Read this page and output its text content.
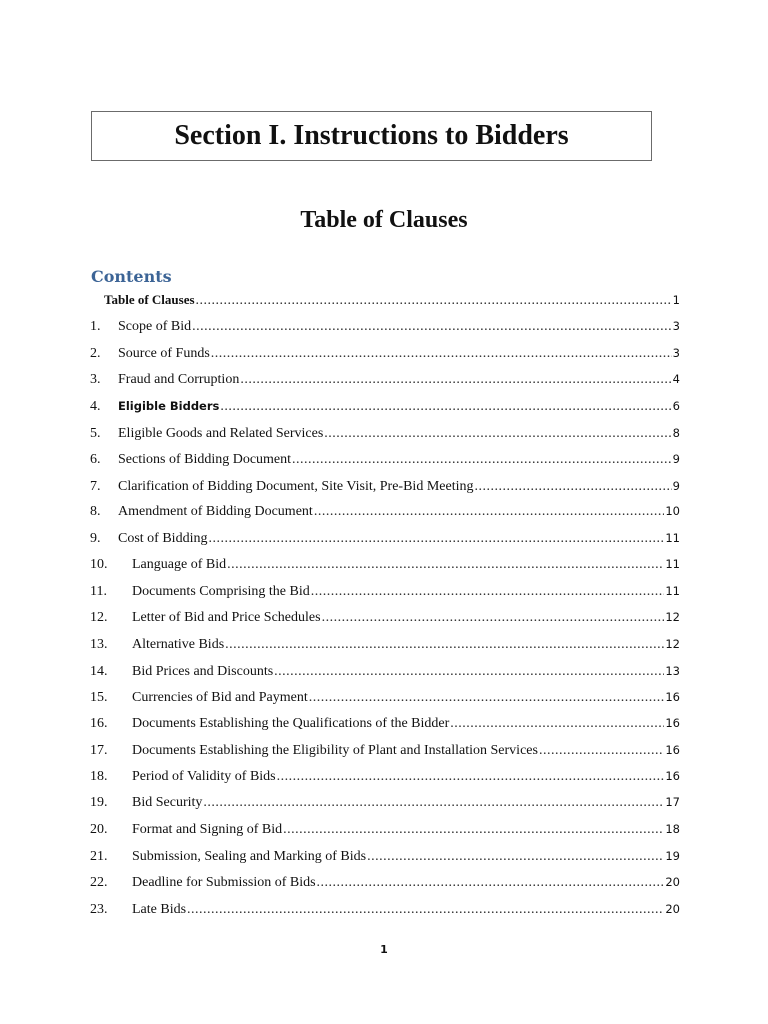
Section I. Instructions to Bidders
Table of Clauses
Contents
Table of Clauses .....	1
1.	Scope of Bid .....	3
2.	Source of Funds .....	3
3.	Fraud and Corruption .....	4
4.	Eligible Bidders .....	6
5.	Eligible Goods and Related Services .....	8
6.	Sections of Bidding Document .....	9
7.	Clarification of Bidding Document, Site Visit, Pre-Bid Meeting .....	9
8.	Amendment of Bidding Document .....	10
9.	Cost of Bidding .....	11
10.	Language of Bid .....	11
11.	Documents Comprising the Bid .....	11
12.	Letter of Bid and Price Schedules .....	12
13.	Alternative Bids .....	12
14.	Bid Prices and Discounts .....	13
15.	Currencies of Bid and Payment .....	16
16.	Documents Establishing the Qualifications of the Bidder .....	16
17.	Documents Establishing the Eligibility of Plant and Installation Services .....	16
18.	Period of Validity of Bids .....	16
19.	Bid Security .....	17
20.	Format and Signing of Bid .....	18
21.	Submission, Sealing and Marking of Bids .....	19
22.	Deadline for Submission of Bids .....	20
23.	Late Bids .....	20

1
